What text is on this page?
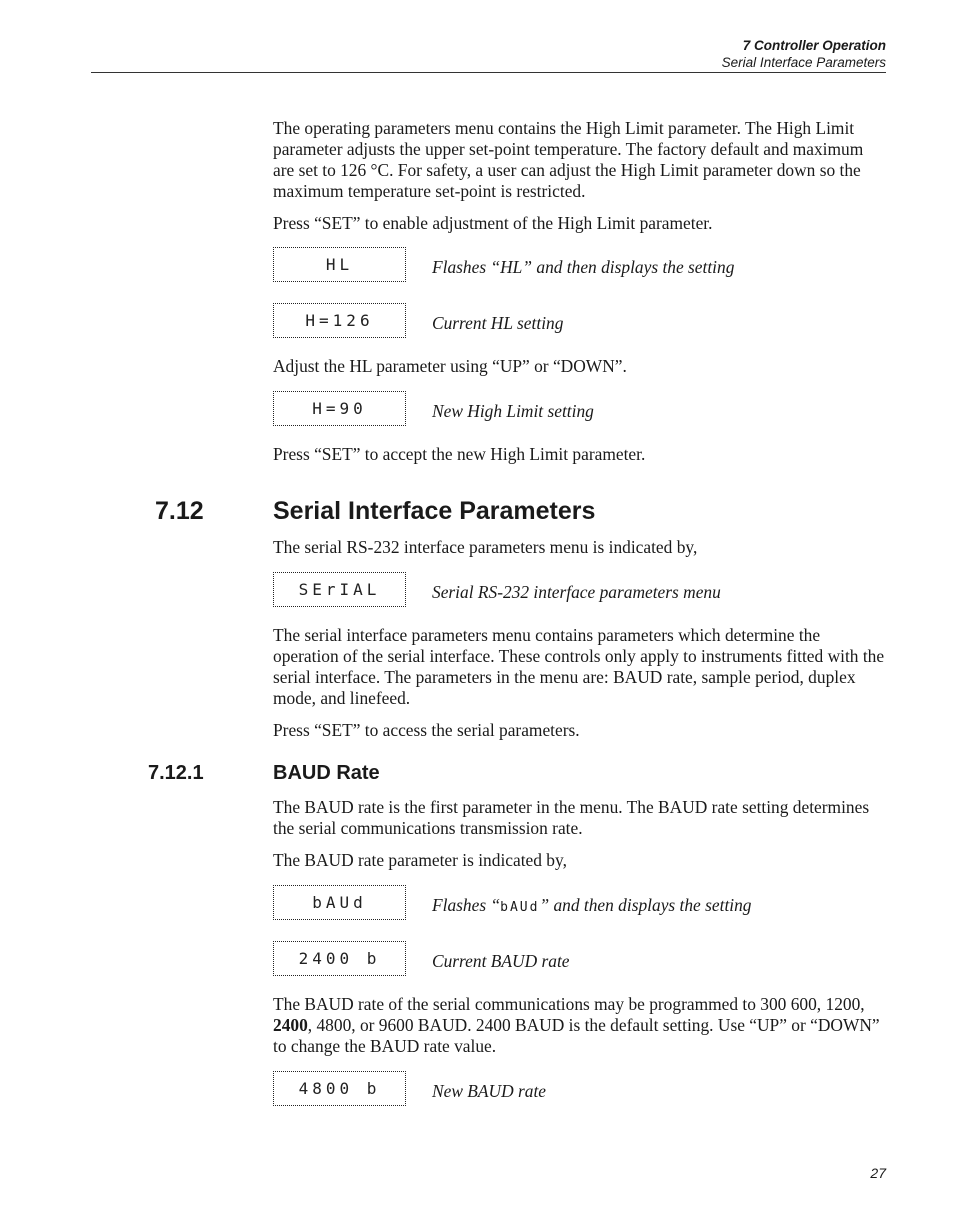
7 Controller Operation
Serial Interface Parameters

The operating parameters menu contains the High Limit parameter. The High Limit parameter adjusts the upper set-point temperature. The factory default and maximum are set to 126 °C. For safety, a user can adjust the High Limit parameter down so the maximum temperature set-point is restricted.

Press “SET” to enable adjustment of the High Limit parameter.

HL	Flashes “HL” and then displays the setting
H=126	Current HL setting

Adjust the HL parameter using “UP” or “DOWN”.

H=90	New High Limit setting

Press “SET” to accept the new High Limit parameter.

7.12	Serial Interface Parameters

The serial RS-232 interface parameters menu is indicated by,

SErIAL	Serial RS-232 interface parameters menu

The serial interface parameters menu contains parameters which determine the operation of the serial interface. These controls only apply to instruments fitted with the serial interface. The parameters in the menu are: BAUD rate, sample period, duplex mode, and linefeed.

Press “SET” to access the serial parameters.

7.12.1	BAUD Rate

The BAUD rate is the first parameter in the menu. The BAUD rate setting determines the serial communications transmission rate.

The BAUD rate parameter is indicated by,

bAUd	Flashes “bAUd” and then displays the setting
2400 b	Current BAUD rate

The BAUD rate of the serial communications may be programmed to 300 600, 1200, 2400, 4800, or 9600 BAUD. 2400 BAUD is the default setting. Use “UP” or “DOWN” to change the BAUD rate value.

4800 b	New BAUD rate
27
